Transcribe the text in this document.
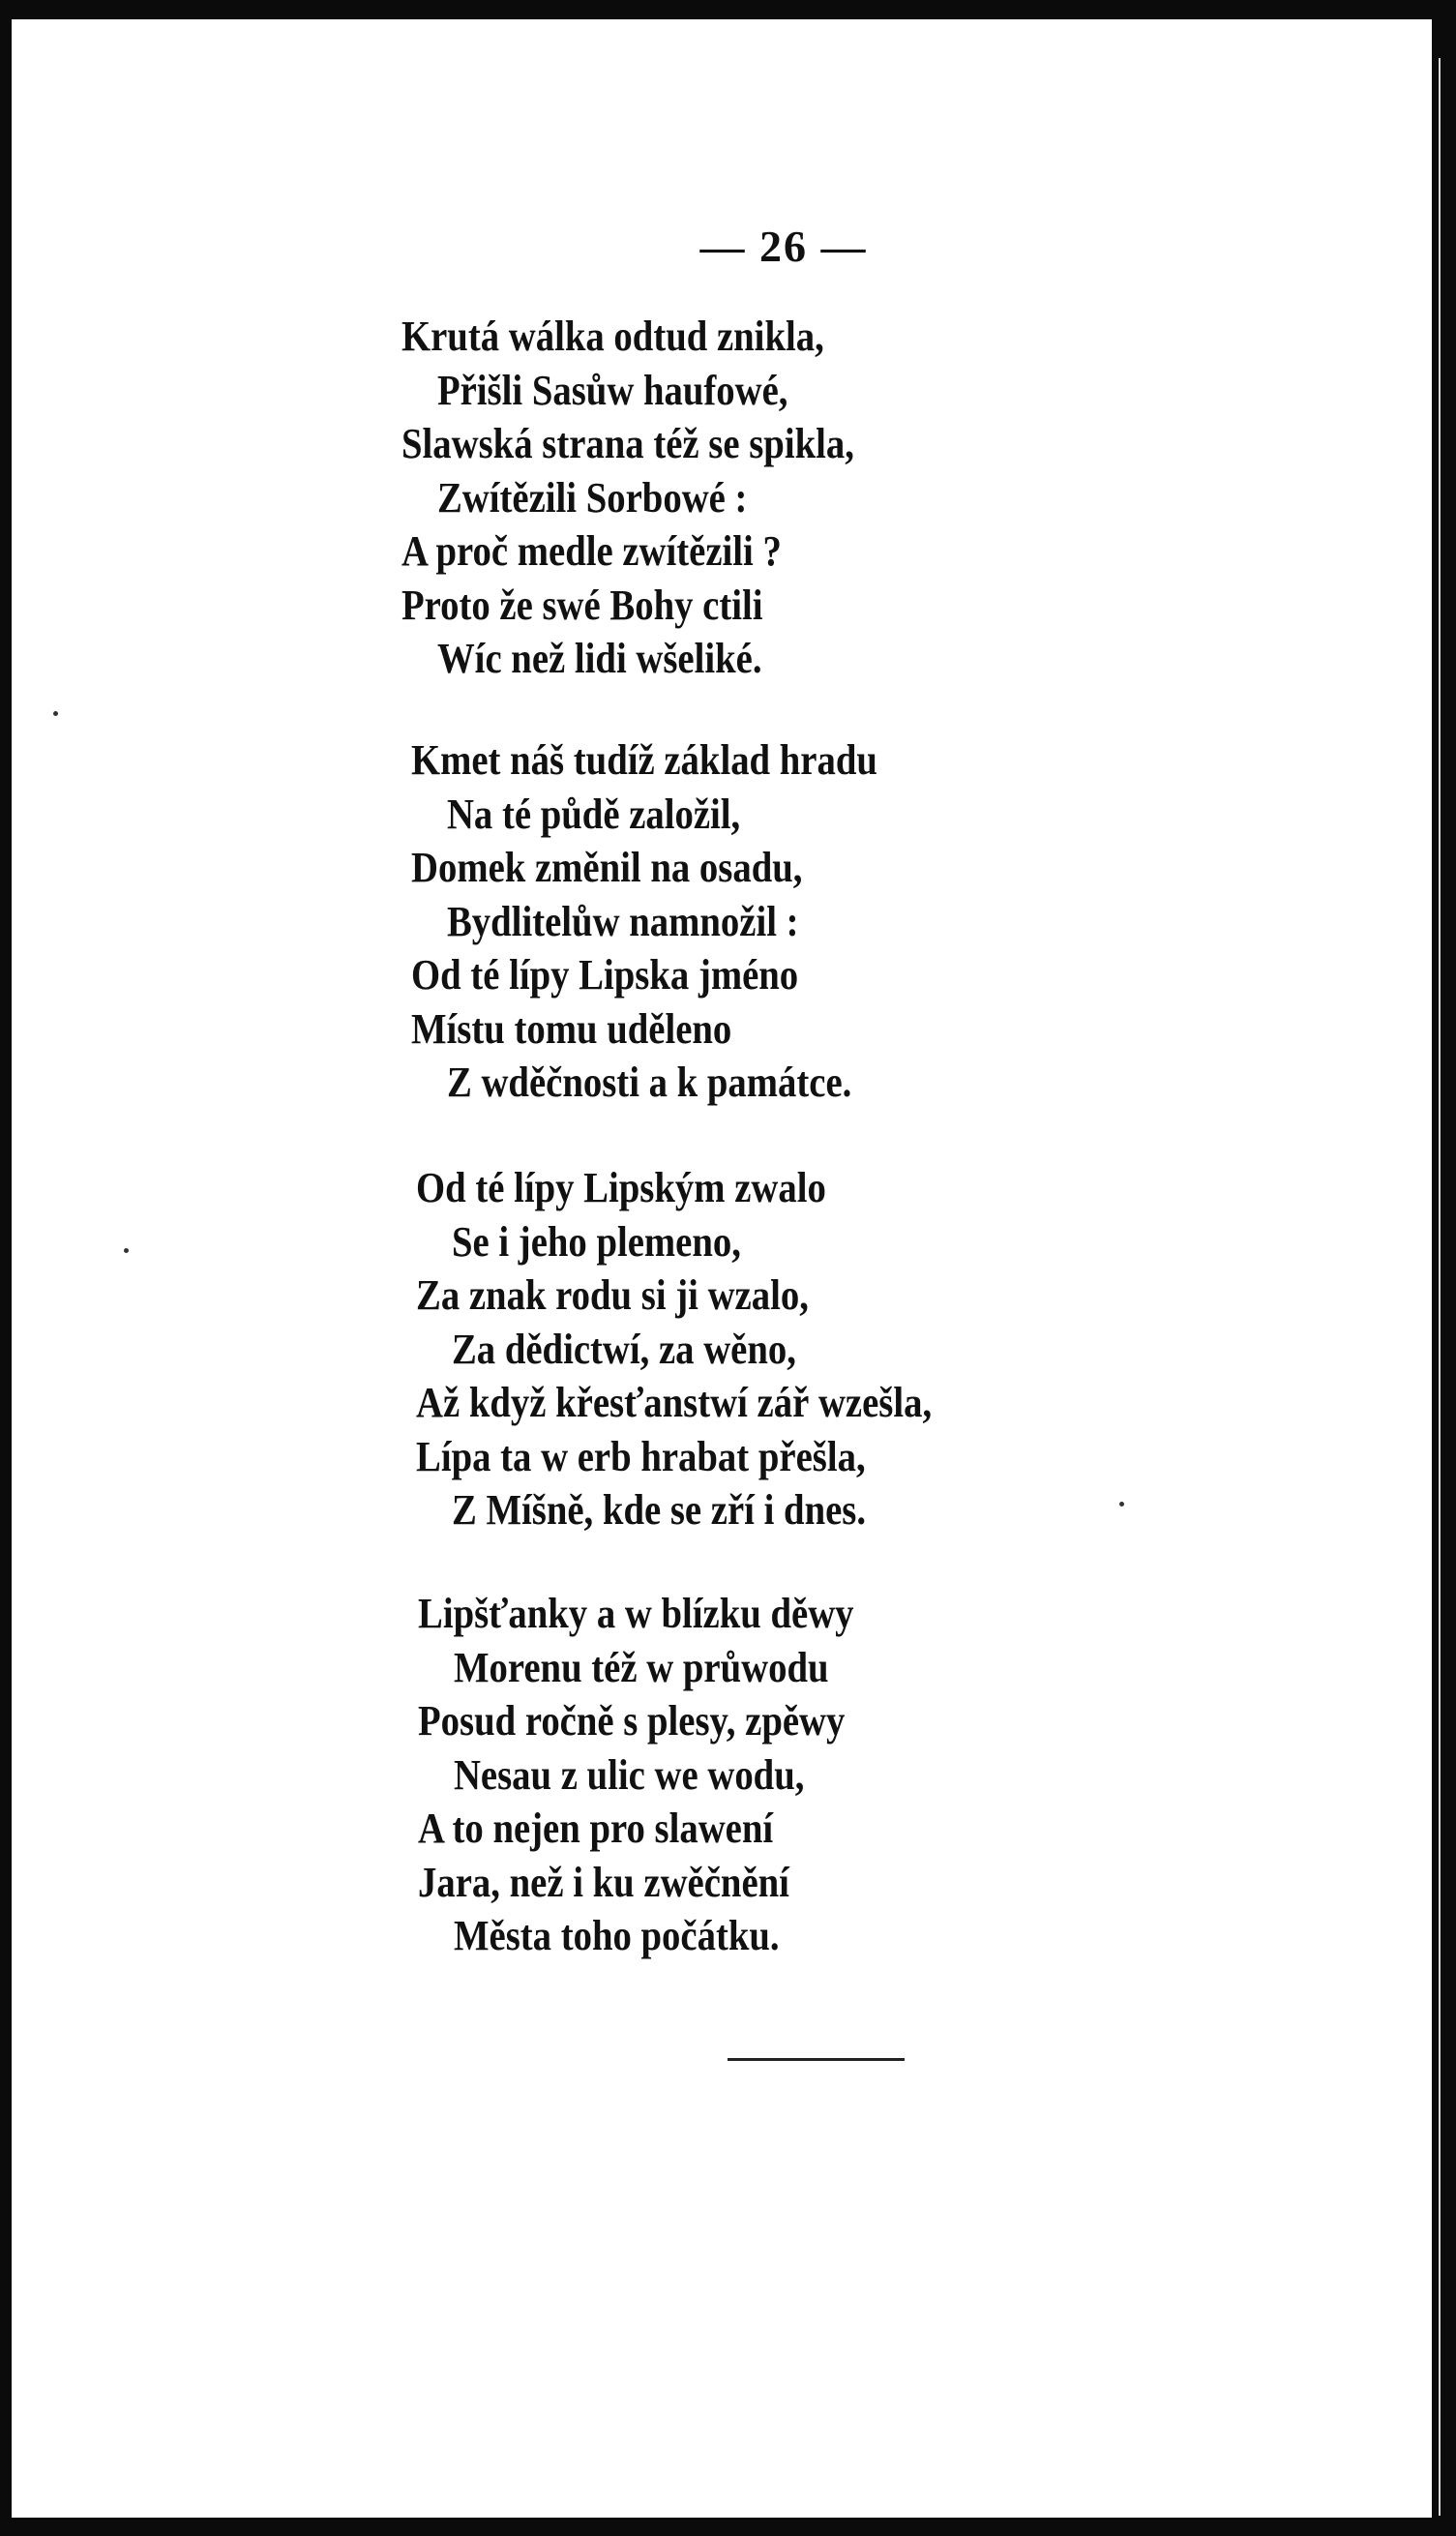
— 26 —

Krutá wálka odtud znikla,
Přišli Sasůw haufowé,
Slawská strana též se spikla,
Zwítězili Sorbowé :
A proč medle zwítězili ?
Proto že swé Bohy ctili
Wíc než lidi wšeliké.
Kmet náš tudíž základ hradu
Na té půdě založil,
Domek změnil na osadu,
Bydlitelůw namnožil :
Od té lípy Lipska jméno
Místu tomu uděleno
Z wděčnosti a k památce.
Od té lípy Lipským zwalo
Se i jeho plemeno,
Za znak rodu si ji wzalo,
Za dědictwí, za wěno,
Až když křesťanstwí zář wzešla,
Lípa ta w erb hrabat přešla,
Z Míšně, kde se zří i dnes.
Lipšťanky a w blízku děwy
Morenu též w průwodu
Posud ročně s plesy, zpěwy
Nesau z ulic we wodu,
A to nejen pro slawení
Jara, než i ku zwěčnění
Města toho počátku.
